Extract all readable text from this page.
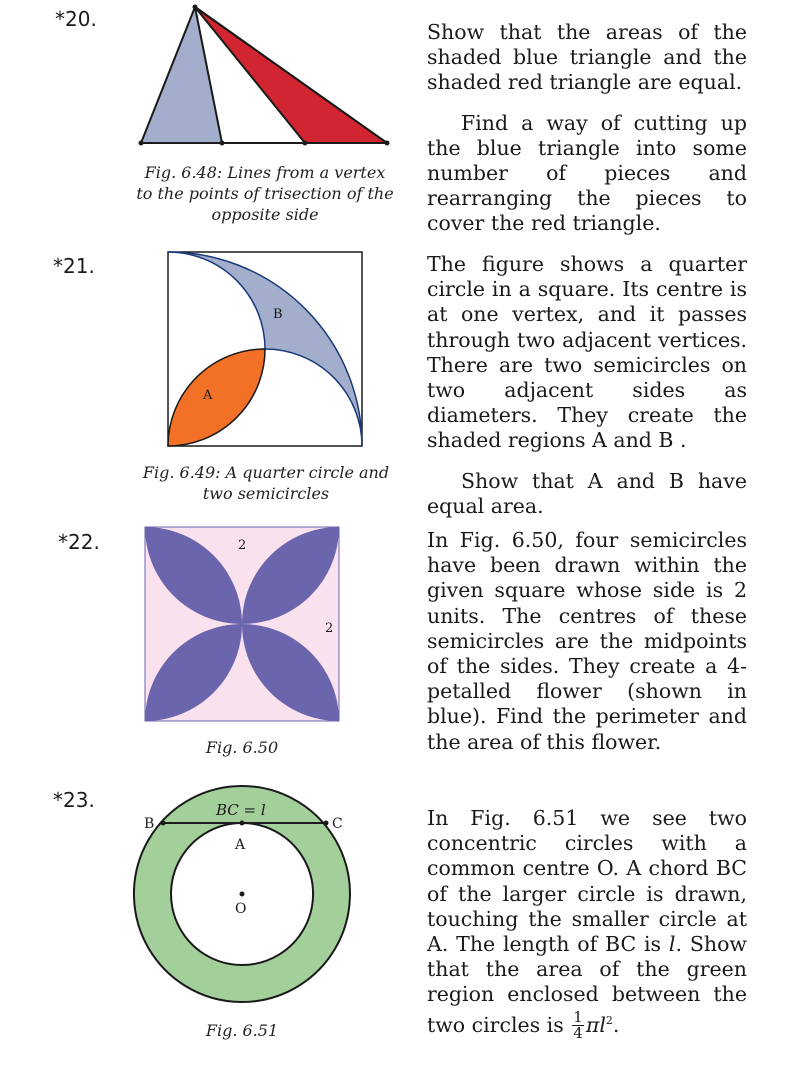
*20.
Fig. 6.48: Lines from a vertex to the points of trisection of the opposite side

Show that the areas of the shaded blue triangle and the shaded red triangle are equal.

Find a way of cutting up the blue triangle into some number of pieces and rearranging the pieces to cover the red triangle.

*21.
B
A
Fig. 6.49: A quarter circle and two semicircles

The figure shows a quarter circle in a square. Its centre is at one vertex, and it passes through two adjacent vertices. There are two semicircles on two adjacent sides as diameters. They create the shaded regions A and B .

Show that A and B have equal area.

*22.	2
2
Fig. 6.50

In Fig. 6.50, four semicircles have been drawn within the given square whose side is 2 units. The centres of these semicircles are the midpoints of the sides. They create a 4-petalled flower (shown in blue). Find the perimeter and the area of this flower.

*23.
B	C
BC = l
A
O
Fig. 6.51

In Fig. 6.51 we see two concentric circles with a common centre O. A chord BC of the larger circle is drawn, touching the smaller circle at A. The length of BC is l. Show that the area of the green region enclosed between the two circles is $\frac{1}{4} \pi l^2$.
